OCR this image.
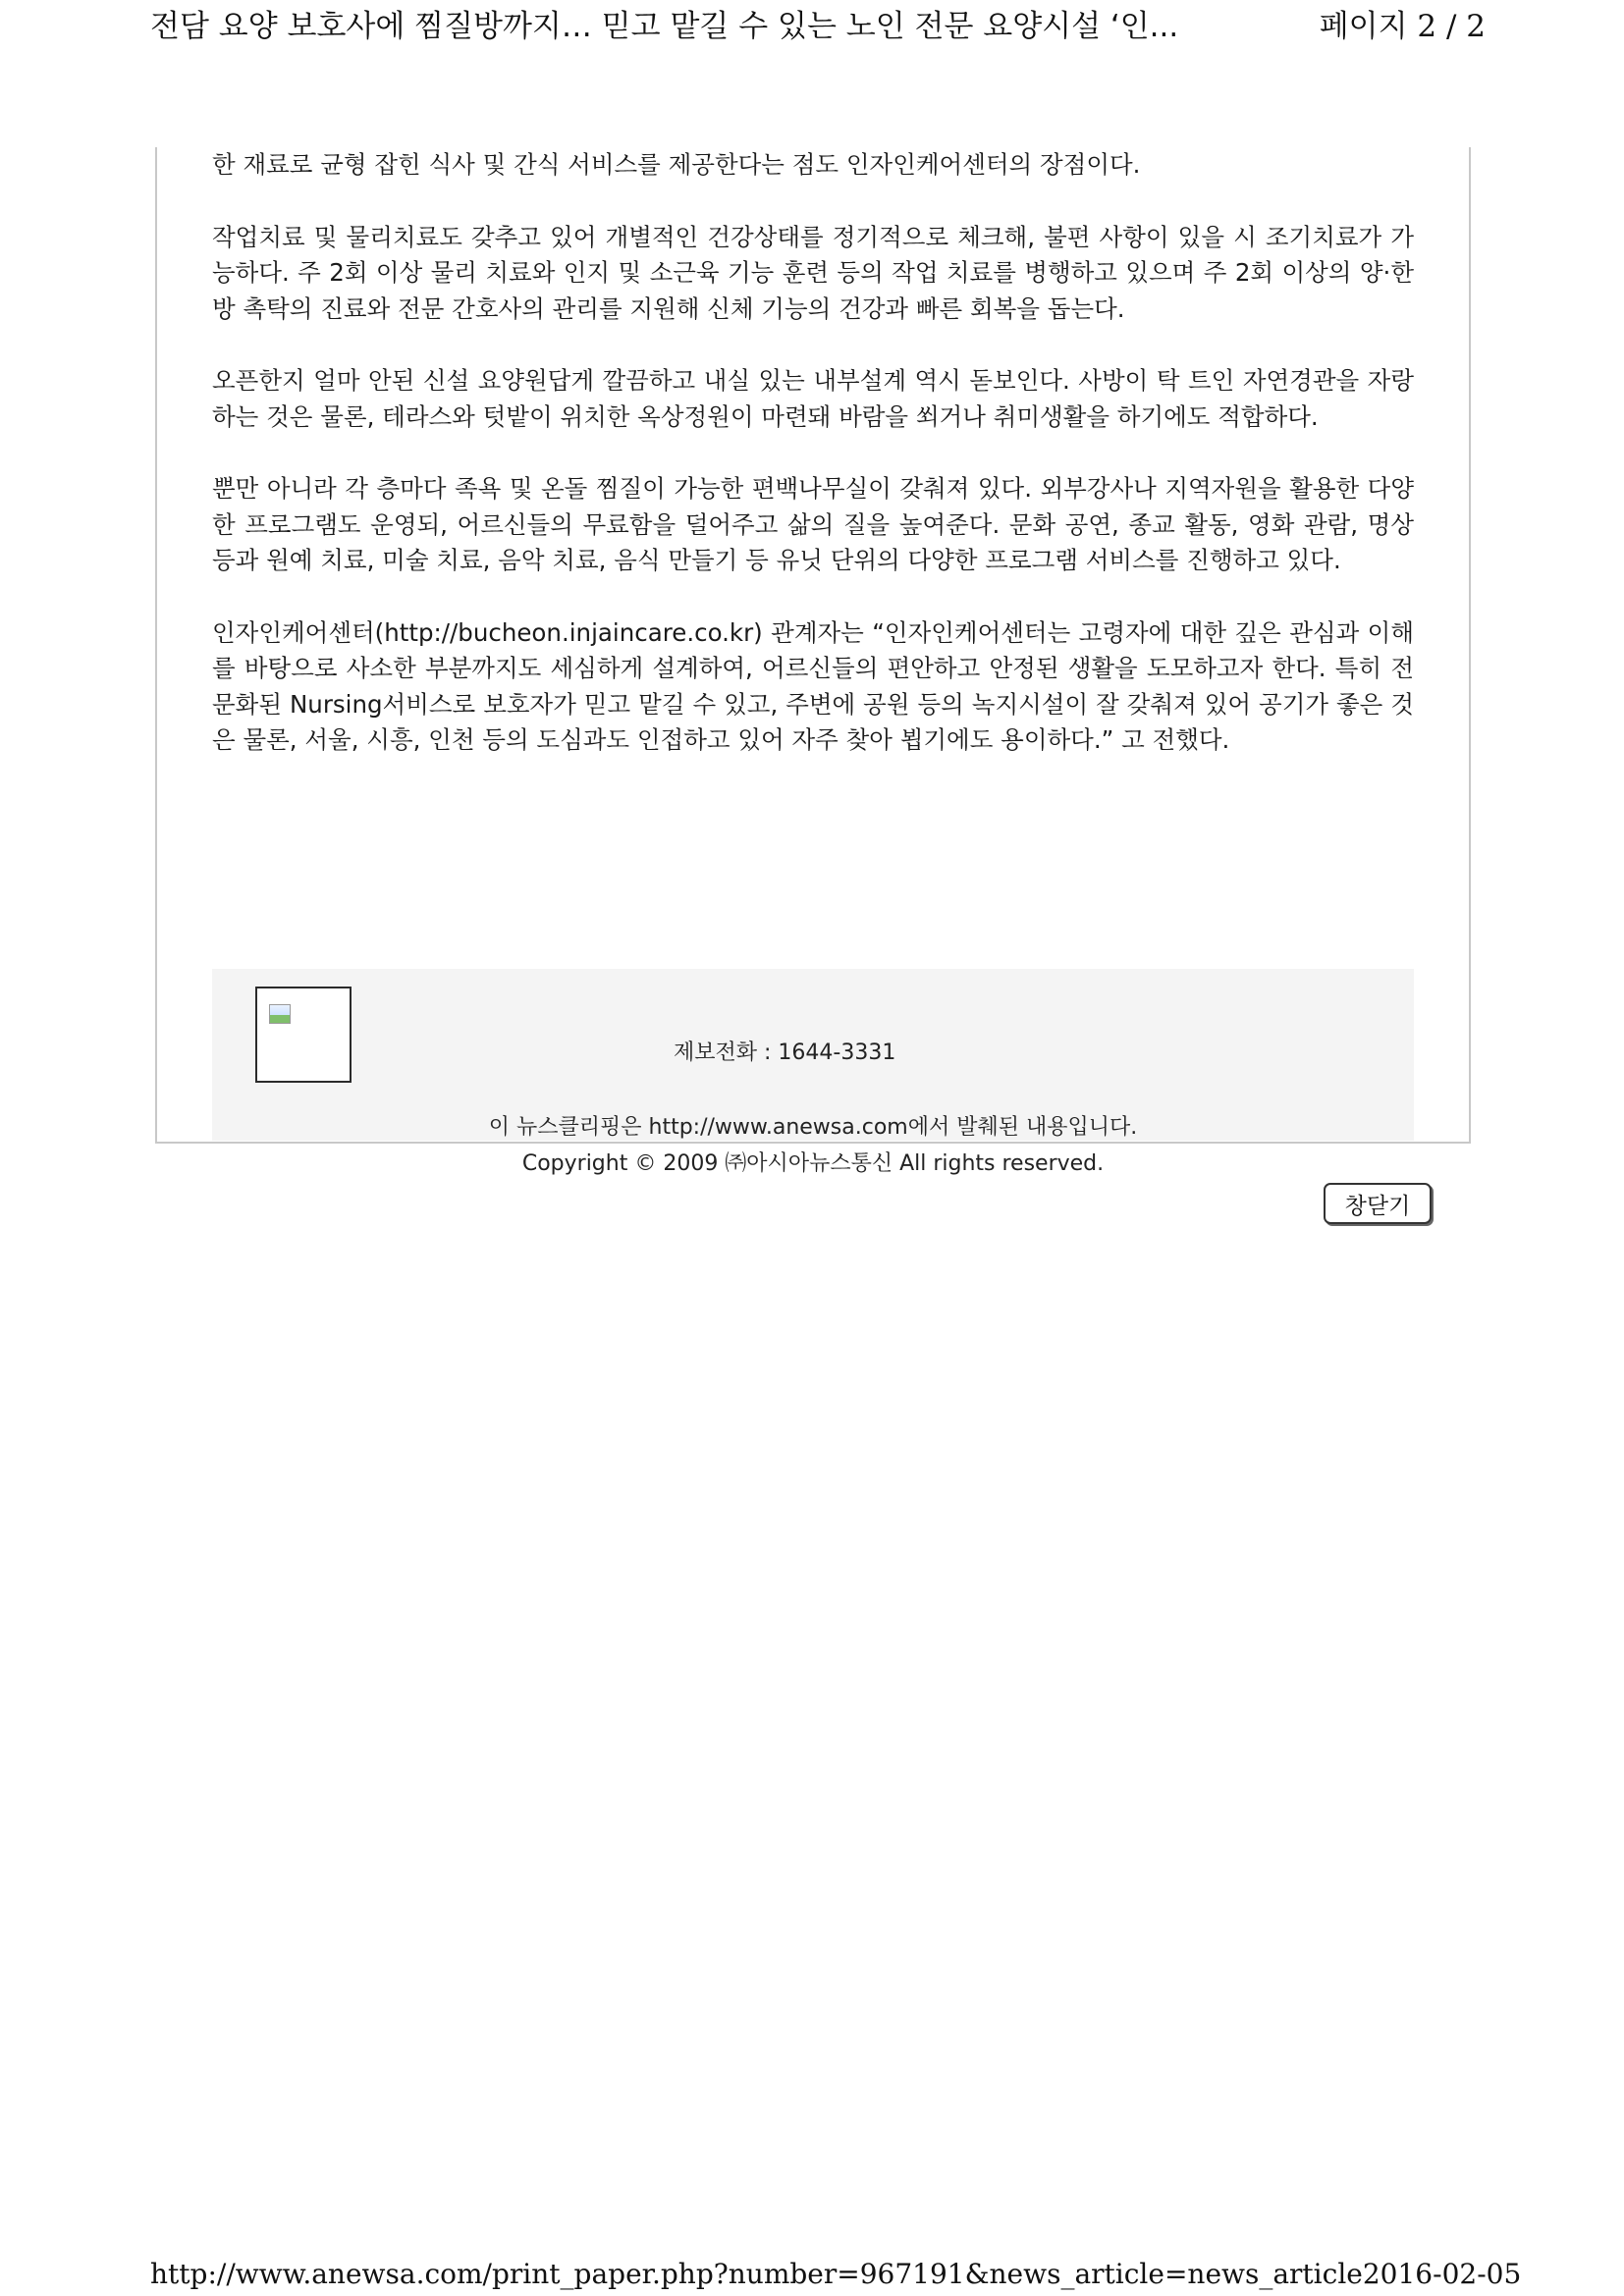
전담 요양 보호사에 찜질방까지… 믿고 맡길 수 있는 노인 전문 요양시설 ‘인...	페이지 2 / 2

한 재료로 균형 잡힌 식사 및 간식 서비스를 제공한다는 점도 인자인케어센터의 장점이다.

작업치료 및 물리치료도 갖추고 있어 개별적인 건강상태를 정기적으로 체크해, 불편 사항이 있을 시 조기치료가 가능하다. 주 2회 이상 물리 치료와 인지 및 소근육 기능 훈련 등의 작업 치료를 병행하고 있으며 주 2회 이상의 양·한방 촉탁의 진료와 전문 간호사의 관리를 지원해 신체 기능의 건강과 빠른 회복을 돕는다.

오픈한지 얼마 안된 신설 요양원답게 깔끔하고 내실 있는 내부설계 역시 돋보인다. 사방이 탁 트인 자연경관을 자랑하는 것은 물론, 테라스와 텃밭이 위치한 옥상정원이 마련돼 바람을 쐬거나 취미생활을 하기에도 적합하다.

뿐만 아니라 각 층마다 족욕 및 온돌 찜질이 가능한 편백나무실이 갖춰져 있다. 외부강사나 지역자원을 활용한 다양한 프로그램도 운영되, 어르신들의 무료함을 덜어주고 삶의 질을 높여준다. 문화 공연, 종교 활동, 영화 관람, 명상 등과 원예 치료, 미술 치료, 음악 치료, 음식 만들기 등 유닛 단위의 다양한 프로그램 서비스를 진행하고 있다.

인자인케어센터(http://bucheon.injaincare.co.kr) 관계자는 “인자인케어센터는 고령자에 대한 깊은 관심과 이해를 바탕으로 사소한 부분까지도 세심하게 설계하여, 어르신들의 편안하고 안정된 생활을 도모하고자 한다. 특히 전문화된 Nursing서비스로 보호자가 믿고 맡길 수 있고, 주변에 공원 등의 녹지시설이 잘 갖춰져 있어 공기가 좋은 것은 물론, 서울, 시흥, 인천 등의 도심과도 인접하고 있어 자주 찾아 뵙기에도 용이하다.” 고 전했다.

제보전화 : 1644-3331
이 뉴스클리핑은 http://www.anewsa.com에서 발췌된 내용입니다.
Copyright © 2009 ㈜아시아뉴스통신 All rights reserved.
창닫기
http://www.anewsa.com/print_paper.php?number=967191&news_article=news_article 2016-02-05
